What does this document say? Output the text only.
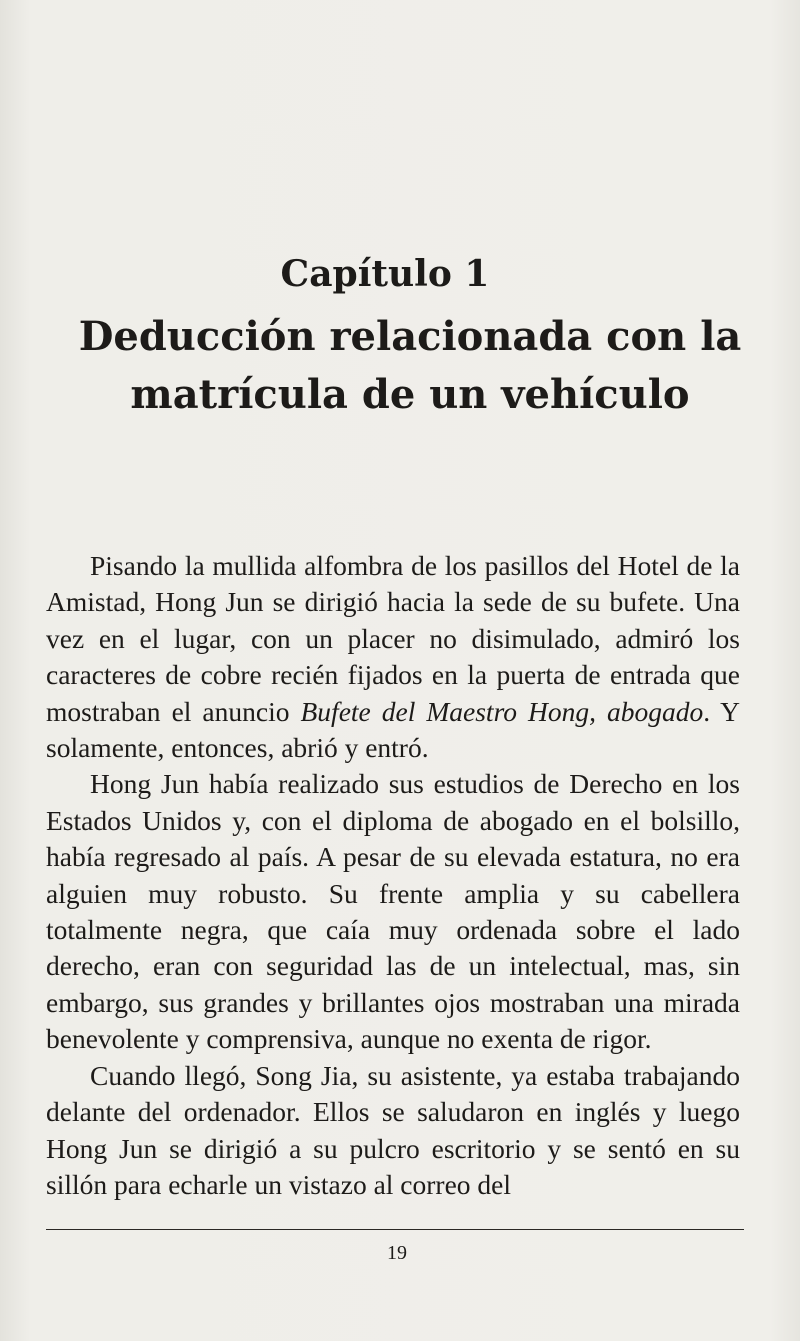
Capítulo 1
Deducción relacionada con la
matrícula de un vehículo

Pisando la mullida alfombra de los pasillos del Hotel de la Amistad, Hong Jun se dirigió hacia la sede de su bufete. Una vez en el lugar, con un placer no disimulado, admiró los caracteres de cobre recién fijados en la puerta de entrada que mostraban el anuncio Bufete del Maestro Hong, abogado. Y solamente, entonces, abrió y entró.

Hong Jun había realizado sus estudios de Derecho en los Estados Unidos y, con el diploma de abogado en el bolsillo, había regresado al país. A pesar de su elevada estatura, no era alguien muy robusto. Su frente amplia y su cabellera totalmente negra, que caía muy ordenada sobre el lado derecho, eran con seguridad las de un intelectual, mas, sin embargo, sus grandes y brillantes ojos mostraban una mirada benevolente y comprensiva, aunque no exenta de rigor.

Cuando llegó, Song Jia, su asistente, ya estaba trabajando delante del ordenador. Ellos se saludaron en inglés y luego Hong Jun se dirigió a su pulcro escritorio y se sentó en su sillón para echarle un vistazo al correo del

19
